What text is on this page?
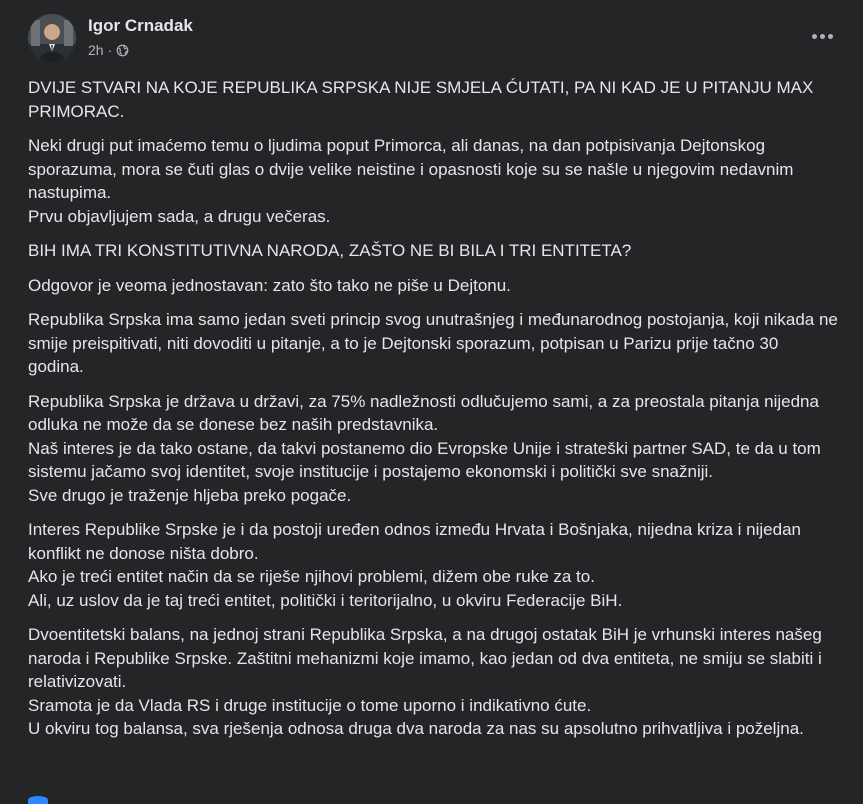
Igor Crnadak
2h ·

DVIJE STVARI NA KOJE REPUBLIKA SRPSKA NIJE SMJELA ĆUTATI, PA NI KAD JE U PITANJU MAX PRIMORAC.

Neki drugi put imaćemo temu o ljudima poput Primorca, ali danas, na dan potpisivanja Dejtonskog sporazuma, mora se čuti glas o dvije velike neistine i opasnosti koje su se našle u njegovim nedavnim nastupima.
Prvu objavljujem sada, a drugu večeras.

BIH IMA TRI KONSTITUTIVNA NARODA, ZAŠTO NE BI BILA I TRI ENTITETA?

Odgovor je veoma jednostavan: zato što tako ne piše u Dejtonu.

Republika Srpska ima samo jedan sveti princip svog unutrašnjeg i međunarodnog postojanja, koji nikada ne smije preispitivati, niti dovoditi u pitanje, a to je Dejtonski sporazum, potpisan u Parizu prije tačno 30 godina.

Republika Srpska je država u državi, za 75% nadležnosti odlučujemo sami, a za preostala pitanja nijedna odluka ne može da se donese bez naših predstavnika.
Naš interes je da tako ostane, da takvi postanemo dio Evropske Unije i strateški partner SAD, te da u tom sistemu jačamo svoj identitet, svoje institucije i postajemo ekonomski i politički sve snažniji.
Sve drugo je traženje hljeba preko pogače.

Interes Republike Srpske je i da postoji uređen odnos između Hrvata i Bošnjaka, nijedna kriza i nijedan konflikt ne donose ništa dobro.
Ako je treći entitet način da se riješe njihovi problemi, dižem obe ruke za to.
Ali, uz uslov da je taj treći entitet, politički i teritorijalno, u okviru Federacije BiH.

Dvoentitetski balans, na jednoj strani Republika Srpska, a na drugoj ostatak BiH je vrhunski interes našeg naroda i Republike Srpske. Zaštitni mehanizmi koje imamo, kao jedan od dva entiteta, ne smiju se slabiti i relativizovati.
Sramota je da Vlada RS i druge institucije o tome uporno i indikativno ćute.
U okviru tog balansa, sva rješenja odnosa druga dva naroda za nas su apsolutno prihvatljiva i poželjna.
